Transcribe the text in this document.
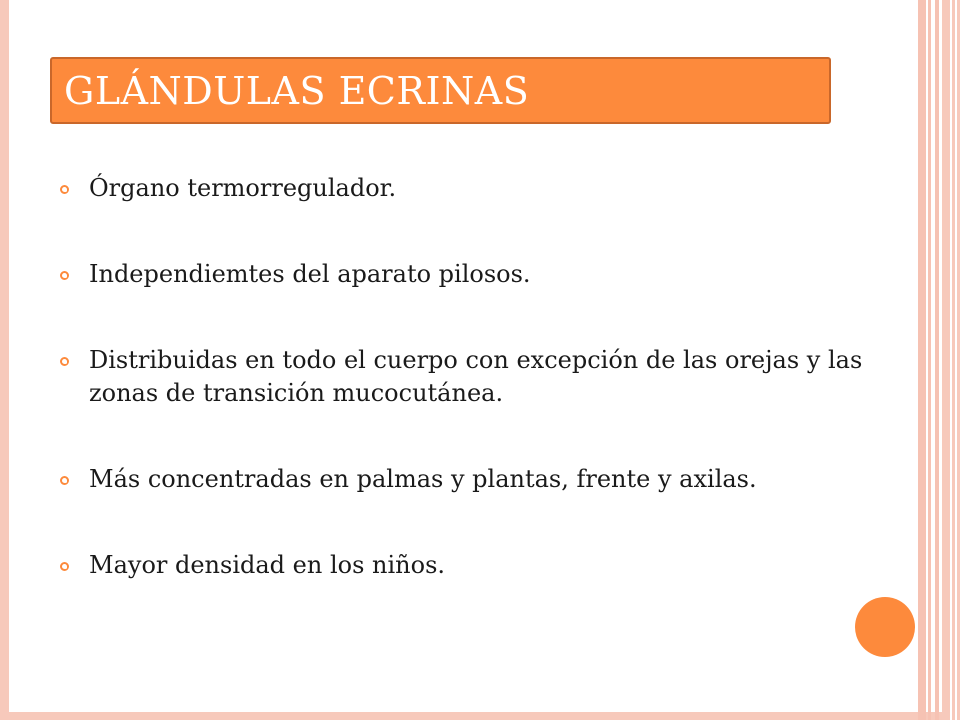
GLÁNDULAS ECRINAS
Órgano termorregulador.
Independiemtes del aparato pilosos.
Distribuidas en todo el cuerpo con excepción de las orejas y las zonas de transición mucocutánea.
Más concentradas en palmas y plantas, frente y axilas.
Mayor densidad en los niños.
